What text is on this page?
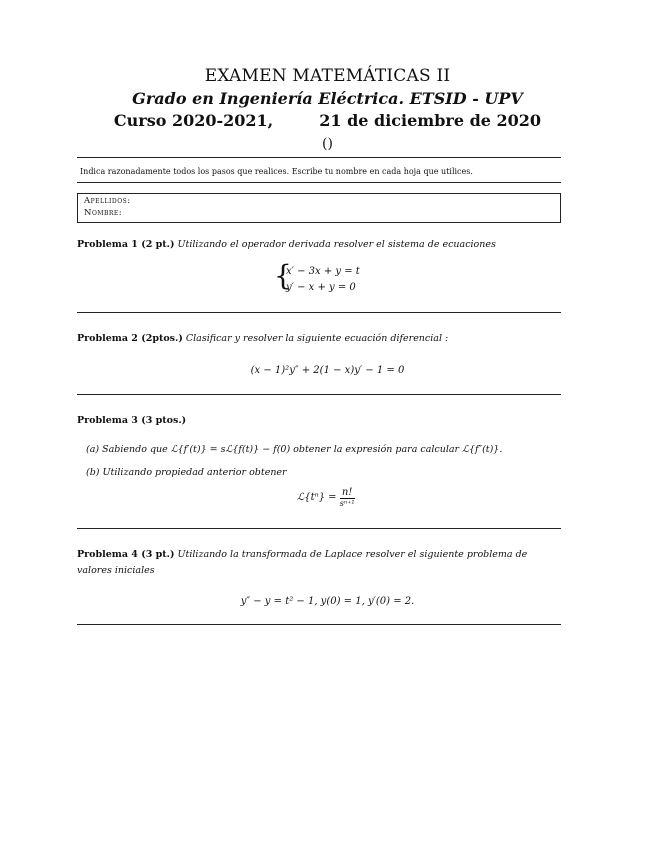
EXAMEN MATEMÁTICAS II
Grado en Ingeniería Eléctrica. ETSID - UPV
Curso 2020-2021,	21 de diciembre de 2020
()
Indica razonadamente todos los pasos que realices. Escribe tu nombre en cada hoja que utilices.
Apellidos:
Nombre:
Problema 1 (2 pt.) Utilizando el operador derivada resolver el sistema de ecuaciones
{
x′ − 3x + y = t
y′ − x + y = 0
Problema 2 (2ptos.) Clasificar y resolver la siguiente ecuación diferencial :
(x − 1)²y″ + 2(1 − x)y′ − 1 = 0
Problema 3 (3 ptos.)
(a) Sabiendo que ℒ{f′(t)} = sℒ{f(t)} − f(0) obtener la expresión para calcular ℒ{f″(t)}.
(b) Utilizando propiedad anterior obtener
ℒ{tⁿ} = $\frac{n!}{\text{sⁿ⁺¹}}$
Problema 4 (3 pt.) Utilizando la transformada de Laplace resolver el siguiente problema de valores iniciales
y″ − y = t² − 1, y(0) = 1, y′(0) = 2.
